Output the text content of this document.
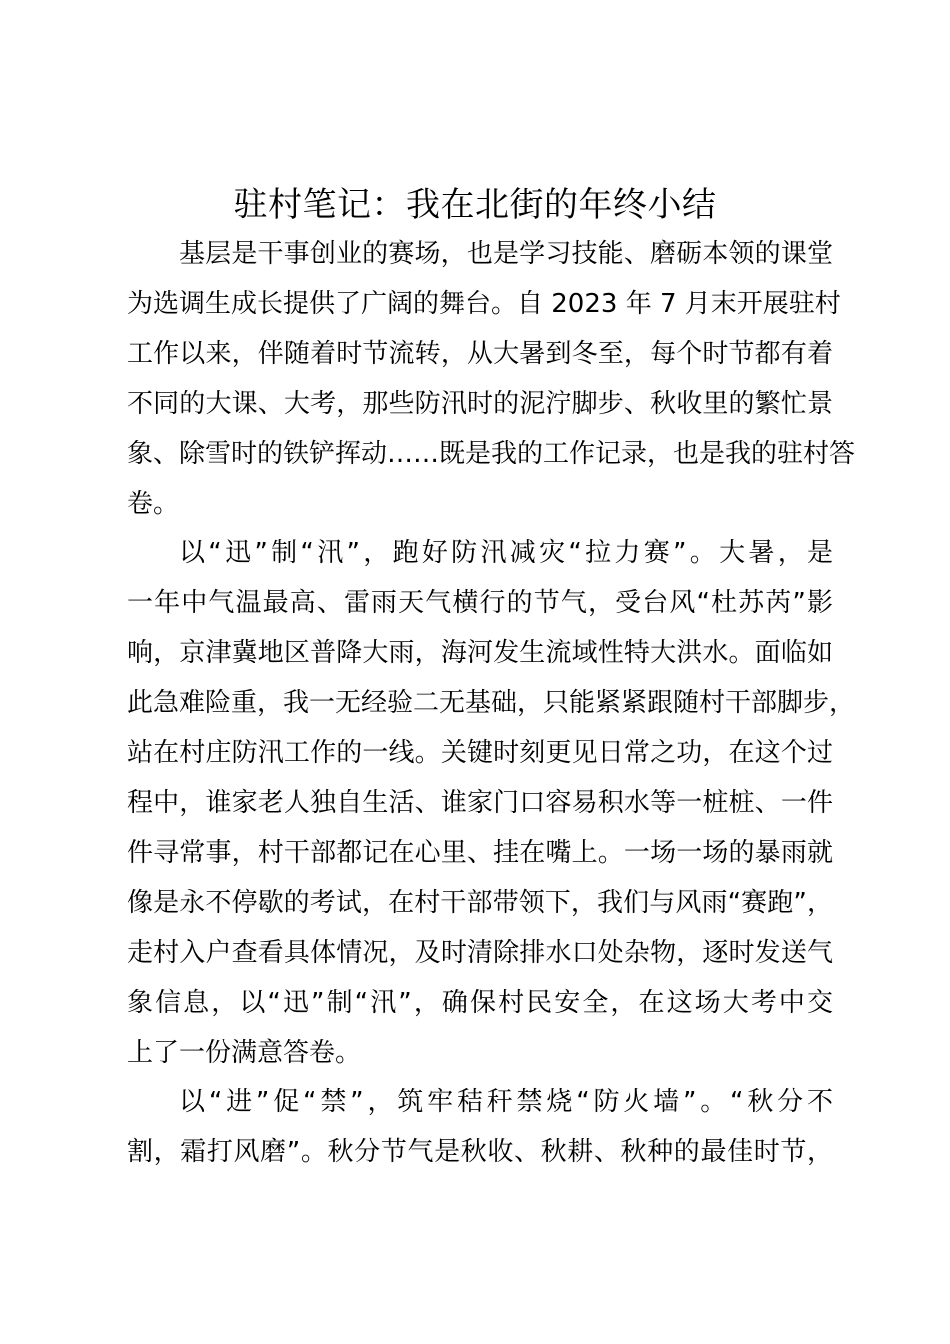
驻村笔记：我在北街的年终小结
基层是干事创业的赛场，也是学习技能、磨砺本领的课堂
为选调生成长提供了广阔的舞台。自 2023 年 7 月末开展驻村
工作以来，伴随着时节流转，从大暑到冬至，每个时节都有着
不同的大课、大考，那些防汛时的泥泞脚步、秋收里的繁忙景
象、除雪时的铁铲挥动……既是我的工作记录，也是我的驻村答
卷。
以“迅”制“汛”，跑好防汛减灾“拉力赛”。大暑，是
一年中气温最高、雷雨天气横行的节气，受台风“杜苏芮”影
响，京津冀地区普降大雨，海河发生流域性特大洪水。面临如
此急难险重，我一无经验二无基础，只能紧紧跟随村干部脚步，
站在村庄防汛工作的一线。关键时刻更见日常之功，在这个过
程中，谁家老人独自生活、谁家门口容易积水等一桩桩、一件
件寻常事，村干部都记在心里、挂在嘴上。一场一场的暴雨就
像是永不停歇的考试，在村干部带领下，我们与风雨“赛跑”，
走村入户查看具体情况，及时清除排水口处杂物，逐时发送气
象信息，以“迅”制“汛”，确保村民安全，在这场大考中交
上了一份满意答卷。
以“进”促“禁”，筑牢秸秆禁烧“防火墙”。“秋分不
割，霜打风磨”。秋分节气是秋收、秋耕、秋种的最佳时节，
